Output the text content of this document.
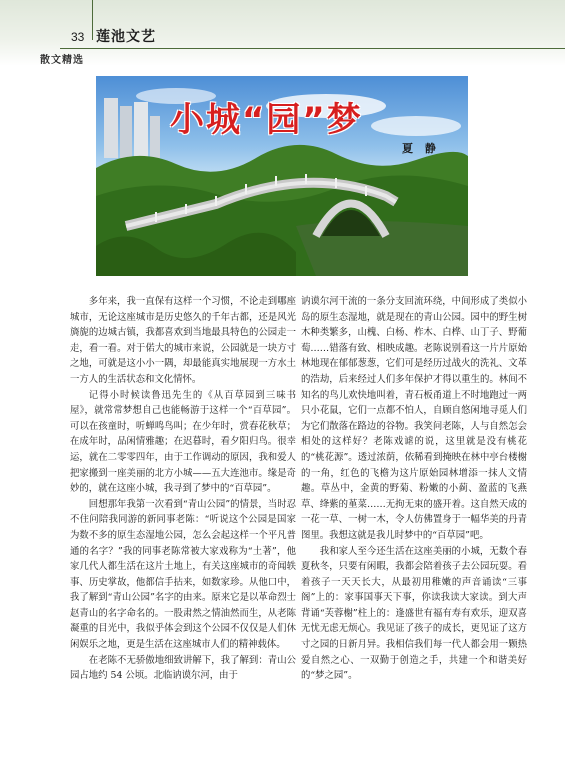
33 莲池文艺
散文精选
小城“园”梦
夏 静

多年来，我一直保有这样一个习惯，不论走到哪座城市，无论这座城市是历史悠久的千年古都，还是风光旖旎的边城古镇，我都喜欢到当地最具特色的公园走一走，看一看。对于偌大的城市来说，公园就是一块方寸之地，可就是这小小一隅，却最能真实地展现一方水土一方人的生活状态和文化情怀。

记得小时候读鲁迅先生的《从百草园到三味书屋》，就常常梦想自己也能畅游于这样一个“百草园”。可以在孩童时，听蝉鸣鸟叫；在少年时，赏春花秋草；在成年时，品闲情雅趣；在迟暮时，看夕阳归鸟。很幸运，就在二零零四年，由于工作调动的原因，我和爱人把家搬到一座美丽的北方小城——五大连池市。缘是奇妙的，就在这座小城，我寻到了梦中的“百草园”。

回想那年我第一次看到“青山公园”的情景，当时忍不住问陪我同游的新同事老陈：“听说这个公园是国家为数不多的原生态湿地公园，怎么会起这样一个平凡普通的名字？”我的同事老陈常被大家戏称为“土著”，他家几代人都生活在这片土地上，有关这座城市的奇闻轶事、历史掌故，他都信手拈来，如数家珍。从他口中，我了解到“青山公园”名字的由来。原来它是以革命烈士赵青山的名字命名的。一股肃然之情油然而生，从老陈凝重的目光中，我似乎体会到这个公园不仅仅是人们休闲娱乐之地，更是生活在这座城市人们的精神载体。

在老陈不无骄傲地细致讲解下，我了解到：青山公园占地约 54 公顷。北临讷谟尔河，由于

讷谟尔河干流的一条分支回流环绕，中间形成了类似小岛的原生态湿地，就是现在的青山公园。园中的野生树木种类繁多，山槐、白杨、柞木、白桦、山丁子、野葡萄……错落有致、相映成趣。老陈说别看这一片片原始林地现在郁郁葱葱，它们可是经历过战火的洗礼、文革的浩劫，后来经过人们多年保护才得以重生的。林间不知名的鸟儿欢快地叫着，青石板甬道上不时地跑过一两只小花鼠，它们一点都不怕人，自顾自悠闲地寻觅人们为它们散落在路边的谷物。我笑问老陈，人与自然怎会相处的这样好？老陈戏谑的说，这里就是没有桃花的“桃花源”。透过浓荫，依稀看到掩映在林中亭台楼榭的一角，红色的飞檐为这片原始园林增添一抹人文情趣。草丛中，金黄的野菊、粉嫩的小蓟、盈蓝的飞燕草、绛紫的堇菜……无拘无束的盛开着。这自然天成的一花一草、一树一木，令人仿佛置身于一幅华美的丹青图里。我想这就是我儿时梦中的“百草园”吧。

我和家人至今还生活在这座美丽的小城，无数个春夏秋冬，只要有闲暇，我都会陪着孩子去公园玩耍。看着孩子一天天长大，从最初用稚嫩的声音诵读“三事阁”上的：家事国事天下事，你读我读大家读。到大声背诵“芙蓉榭”柱上的：逢盛世有福有寿有欢乐，迎双喜无忧无虑无烦心。我见证了孩子的成长，更见证了这方寸之园的日新月异。我相信我们每一代人都会用一颗热爱自然之心、一双勤于创造之手，共建一个和谐美好的“梦之园”。
